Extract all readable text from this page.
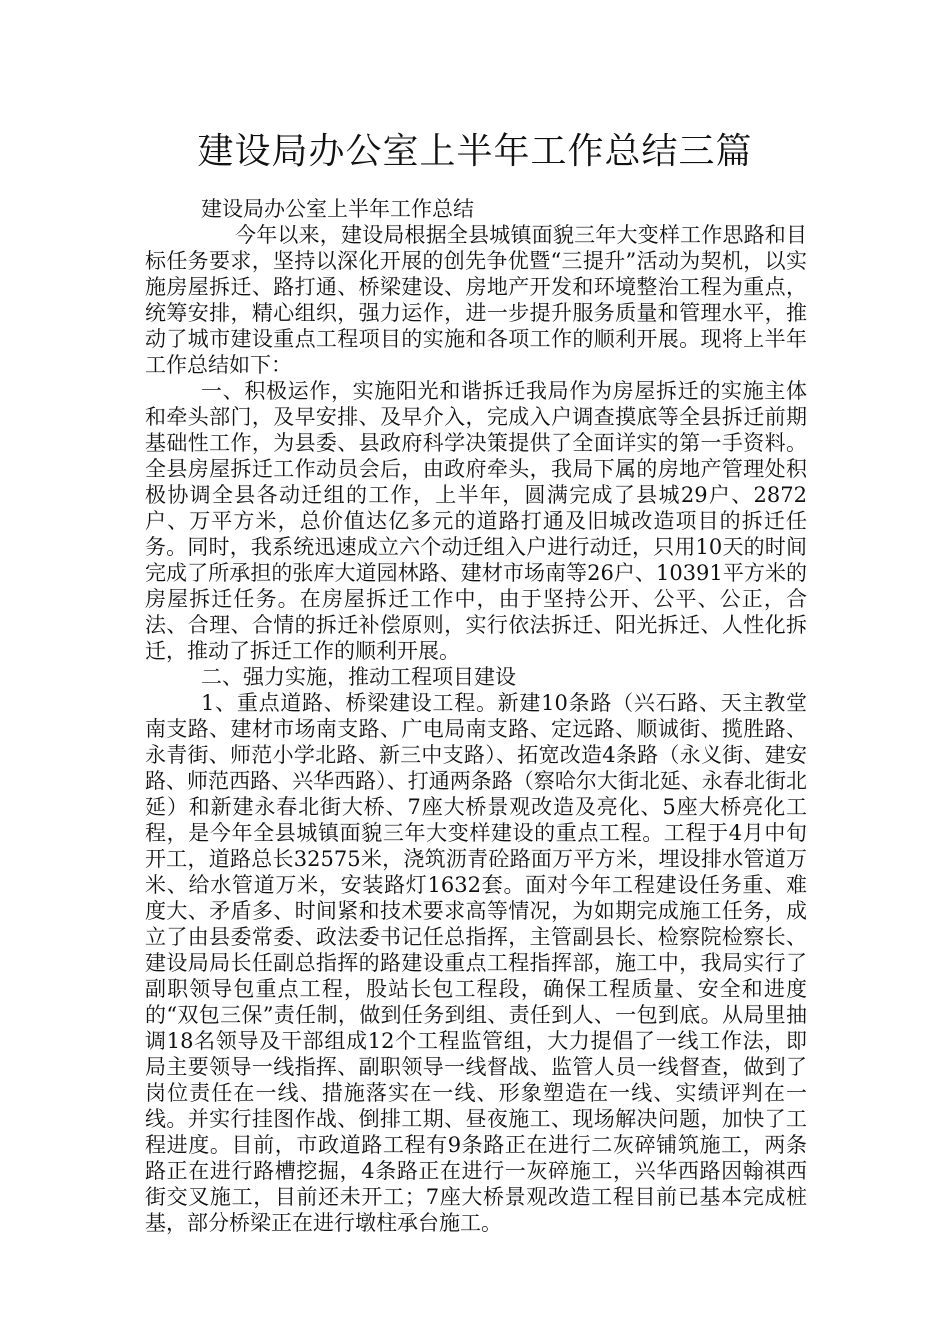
建设局办公室上半年工作总结三篇

建设局办公室上半年工作总结

今年以来，建设局根据全县城镇面貌三年大变样工作思路和目标任务要求，坚持以深化开展的创先争优暨“三提升”活动为契机，以实施房屋拆迁、路打通、桥梁建设、房地产开发和环境整治工程为重点，统筹安排，精心组织，强力运作，进一步提升服务质量和管理水平，推动了城市建设重点工程项目的实施和各项工作的顺利开展。现将上半年工作总结如下：

一、积极运作，实施阳光和谐拆迁我局作为房屋拆迁的实施主体和牵头部门，及早安排、及早介入，完成入户调查摸底等全县拆迁前期基础性工作，为县委、县政府科学决策提供了全面详实的第一手资料。全县房屋拆迁工作动员会后，由政府牵头，我局下属的房地产管理处积极协调全县各动迁组的工作，上半年，圆满完成了县城29户、2872户、万平方米，总价值达亿多元的道路打通及旧城改造项目的拆迁任务。同时，我系统迅速成立六个动迁组入户进行动迁，只用10天的时间完成了所承担的张库大道园林路、建材市场南等26户、10391平方米的房屋拆迁任务。在房屋拆迁工作中，由于坚持公开、公平、公正，合法、合理、合情的拆迁补偿原则，实行依法拆迁、阳光拆迁、人性化拆迁，推动了拆迁工作的顺利开展。

二、强力实施，推动工程项目建设

1、重点道路、桥梁建设工程。新建10条路（兴石路、天主教堂南支路、建材市场南支路、广电局南支路、定远路、顺诚街、揽胜路、永青街、师范小学北路、新三中支路）、拓宽改造4条路（永义街、建安路、师范西路、兴华西路）、打通两条路（察哈尔大街北延、永春北街北延）和新建永春北街大桥、7座大桥景观改造及亮化、5座大桥亮化工程，是今年全县城镇面貌三年大变样建设的重点工程。工程于4月中旬开工，道路总长32575米，浇筑沥青砼路面万平方米，埋设排水管道万米、给水管道万米，安装路灯1632套。面对今年工程建设任务重、难度大、矛盾多、时间紧和技术要求高等情况，为如期完成施工任务，成立了由县委常委、政法委书记任总指挥，主管副县长、检察院检察长、建设局局长任副总指挥的路建设重点工程指挥部，施工中，我局实行了副职领导包重点工程，股站长包工程段，确保工程质量、安全和进度的“双包三保”责任制，做到任务到组、责任到人、一包到底。从局里抽调18名领导及干部组成12个工程监管组，大力提倡了一线工作法，即局主要领导一线指挥、副职领导一线督战、监管人员一线督查，做到了岗位责任在一线、措施落实在一线、形象塑造在一线、实绩评判在一线。并实行挂图作战、倒排工期、昼夜施工、现场解决问题，加快了工程进度。目前，市政道路工程有9条路正在进行二灰碎铺筑施工，两条路正在进行路槽挖掘，4条路正在进行一灰碎施工，兴华西路因翰祺西街交叉施工，目前还未开工；7座大桥景观改造工程目前已基本完成桩基，部分桥梁正在进行墩柱承台施工。
